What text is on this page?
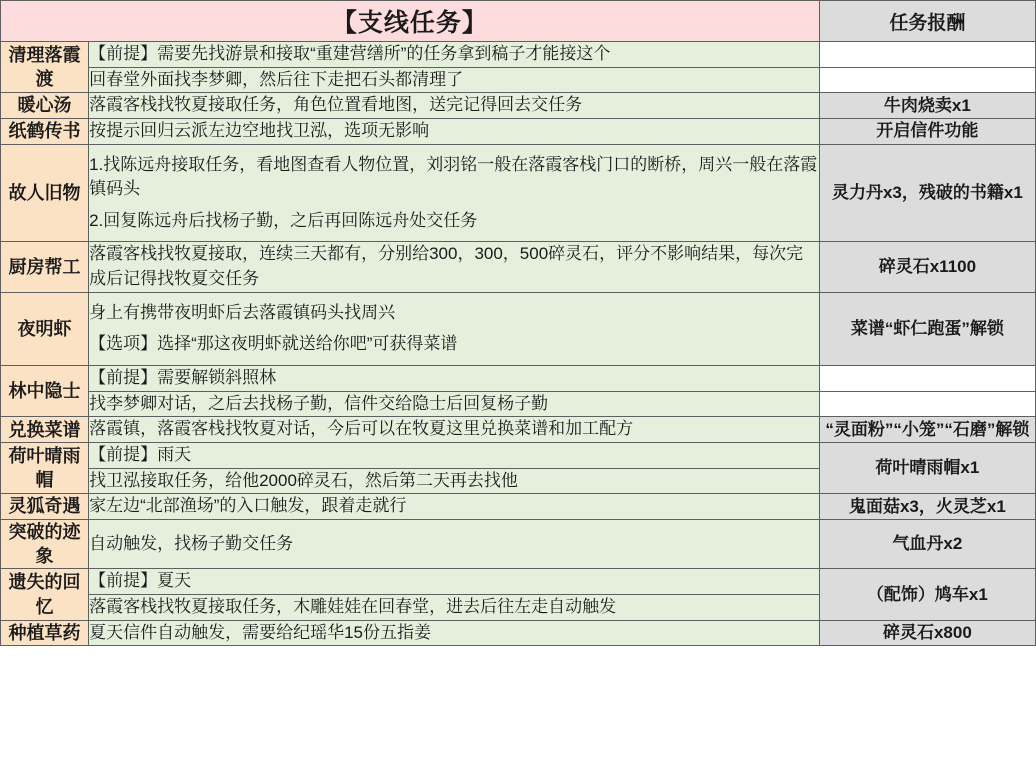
【支线任务】		任务报酬
清理落霞渡	【前提】需要先找游景和接取“重建营缮所”的任务拿到稿子才能接这个	

	回春堂外面找李梦卿，然后往下走把石头都清理了	

暖心汤	落霞客栈找牧夏接取任务，角色位置看地图，送完记得回去交任务	牛肉烧卖x1
纸鹤传书	按提示回归云派左边空地找卫泓，选项无影响	开启信件功能
故人旧物	1.找陈远舟接取任务，看地图查看人物位置，刘羽铭一般在落霞客栈门口的断桥，周兴一般在落霞镇码头
2.回复陈远舟后找杨子勤，之后再回陈远舟处交任务	灵力丹x3，残破的书籍x1
厨房帮工	落霞客栈找牧夏接取，连续三天都有，分别给300，300，500碎灵石，评分不影响结果，每次完成后记得找牧夏交任务	碎灵石x1100
夜明虾	身上有携带夜明虾后去落霞镇码头找周兴
【选项】选择“那这夜明虾就送给你吧”可获得菜谱	菜谱“虾仁跑蛋”解锁
林中隐士	【前提】需要解锁斜照林	

	找李梦卿对话，之后去找杨子勤，信件交给隐士后回复杨子勤	

兑换菜谱	落霞镇，落霞客栈找牧夏对话，今后可以在牧夏这里兑换菜谱和加工配方	“灵面粉”“小笼”“石磨”解锁
荷叶晴雨帽	【前提】雨天	荷叶晴雨帽x1

	找卫泓接取任务，给他2000碎灵石，然后第二天再去找他	

灵狐奇遇	家左边“北部渔场”的入口触发，跟着走就行	鬼面菇x3，火灵芝x1
突破的迹象	自动触发，找杨子勤交任务	气血丹x2
遗失的回忆	【前提】夏天	（配饰）鸠车x1

	落霞客栈找牧夏接取任务，木雕娃娃在回春堂，进去后往左走自动触发	

种植草药	夏天信件自动触发，需要给纪瑶华15份五指姜	碎灵石x800
